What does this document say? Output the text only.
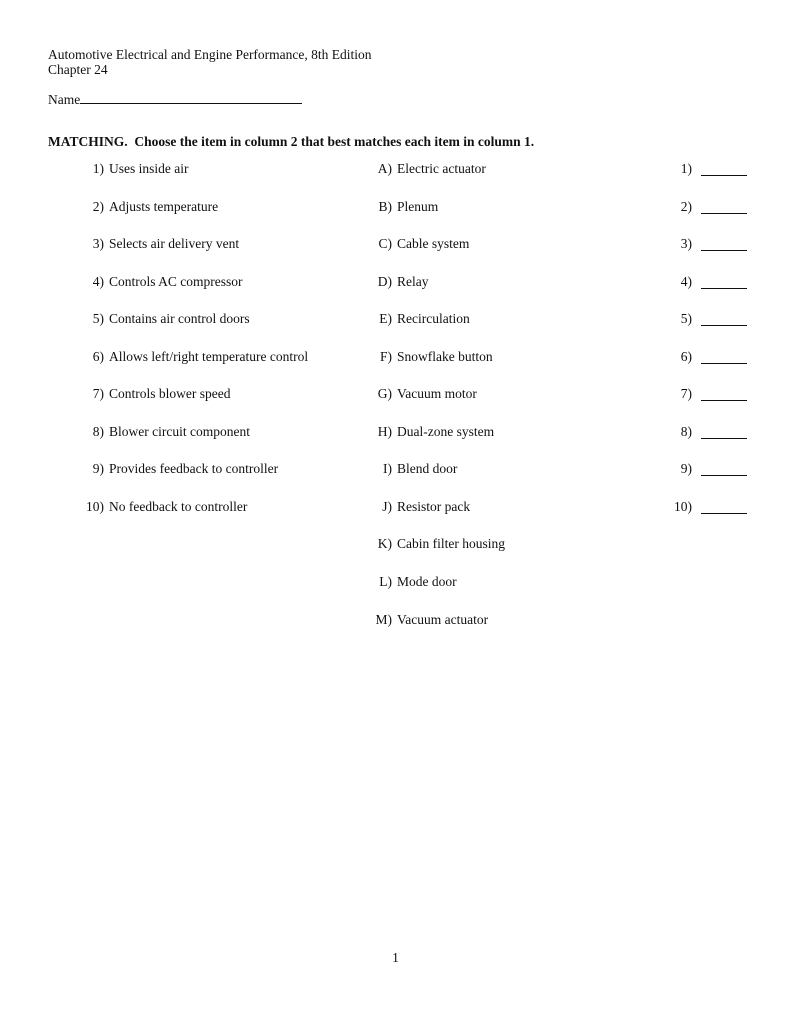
Automotive Electrical and Engine Performance, 8th Edition
Chapter 24
Name
MATCHING.  Choose the item in column 2 that best matches each item in column 1.
1) Uses inside air
2) Adjusts temperature
3) Selects air delivery vent
4) Controls AC compressor
5) Contains air control doors
6) Allows left/right temperature control
7) Controls blower speed
8) Blower circuit component
9) Provides feedback to controller
10) No feedback to controller
A) Electric actuator
B) Plenum
C) Cable system
D) Relay
E) Recirculation
F) Snowflake button
G) Vacuum motor
H) Dual-zone system
I) Blend door
J) Resistor pack
K) Cabin filter housing
L) Mode door
M) Vacuum actuator
1)
2)
3)
4)
5)
6)
7)
8)
9)
10)
1
